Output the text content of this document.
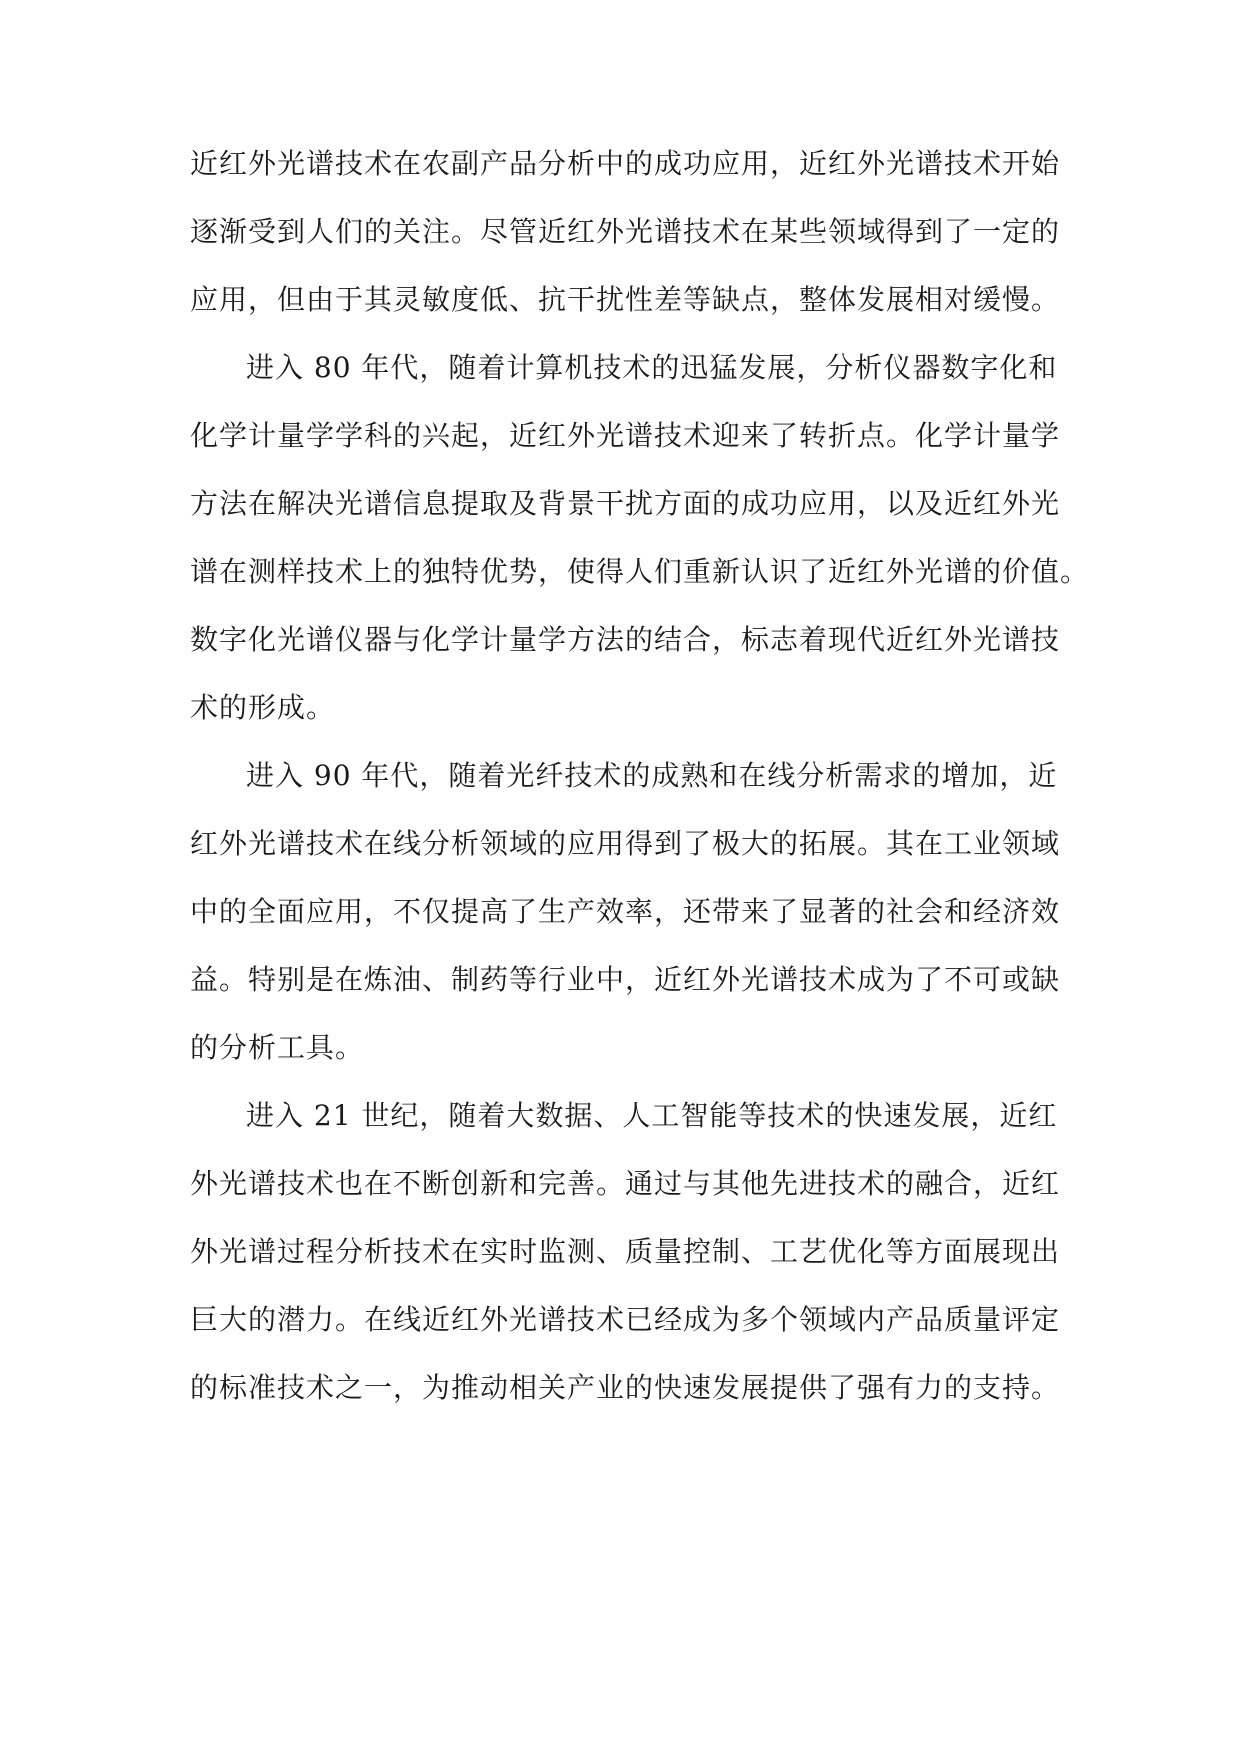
近红外光谱技术在农副产品分析中的成功应用，近红外光谱技术开始
逐渐受到人们的关注。尽管近红外光谱技术在某些领域得到了一定的
应用，但由于其灵敏度低、抗干扰性差等缺点，整体发展相对缓慢。
进入 80 年代，随着计算机技术的迅猛发展，分析仪器数字化和
化学计量学学科的兴起，近红外光谱技术迎来了转折点。化学计量学
方法在解决光谱信息提取及背景干扰方面的成功应用，以及近红外光
谱在测样技术上的独特优势，使得人们重新认识了近红外光谱的价值。
数字化光谱仪器与化学计量学方法的结合，标志着现代近红外光谱技
术的形成。
进入 90 年代，随着光纤技术的成熟和在线分析需求的增加，近
红外光谱技术在线分析领域的应用得到了极大的拓展。其在工业领域
中的全面应用，不仅提高了生产效率，还带来了显著的社会和经济效
益。特别是在炼油、制药等行业中，近红外光谱技术成为了不可或缺
的分析工具。
进入 21 世纪，随着大数据、人工智能等技术的快速发展，近红
外光谱技术也在不断创新和完善。通过与其他先进技术的融合，近红
外光谱过程分析技术在实时监测、质量控制、工艺优化等方面展现出
巨大的潜力。在线近红外光谱技术已经成为多个领域内产品质量评定
的标准技术之一，为推动相关产业的快速发展提供了强有力的支持。
